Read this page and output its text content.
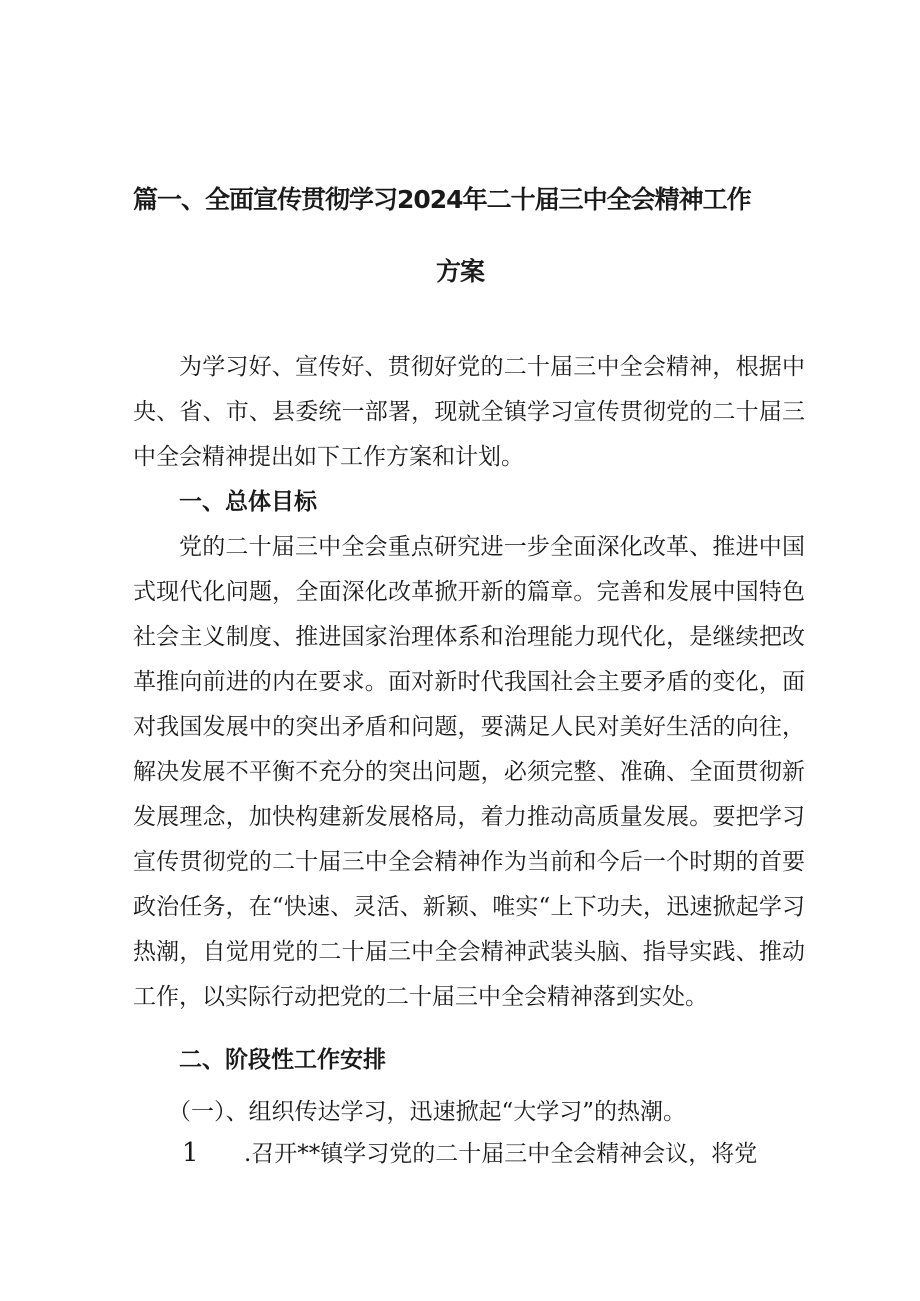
篇一、全面宣传贯彻学习2024年二十届三中全会精神工作
方案

为学习好、宣传好、贯彻好党的二十届三中全会精神，根据中央、省、市、县委统一部署，现就全镇学习宣传贯彻党的二十届三中全会精神提出如下工作方案和计划。

一、总体目标

党的二十届三中全会重点研究进一步全面深化改革、推进中国式现代化问题，全面深化改革掀开新的篇章。完善和发展中国特色社会主义制度、推进国家治理体系和治理能力现代化，是继续把改革推向前进的内在要求。面对新时代我国社会主要矛盾的变化，面对我国发展中的突出矛盾和问题，要满足人民对美好生活的向往，解决发展不平衡不充分的突出问题，必须完整、准确、全面贯彻新发展理念，加快构建新发展格局，着力推动高质量发展。要把学习宣传贯彻党的二十届三中全会精神作为当前和今后一个时期的首要政治任务，在“快速、灵活、新颖、唯实“上下功夫，迅速掀起学习热潮，自觉用党的二十届三中全会精神武装头脑、指导实践、推动工作，以实际行动把党的二十届三中全会精神落到实处。

二、阶段性工作安排

（一）、组织传达学习，迅速掀起“大学习”的热潮。

1 .召开**镇学习党的二十届三中全会精神会议，将党
